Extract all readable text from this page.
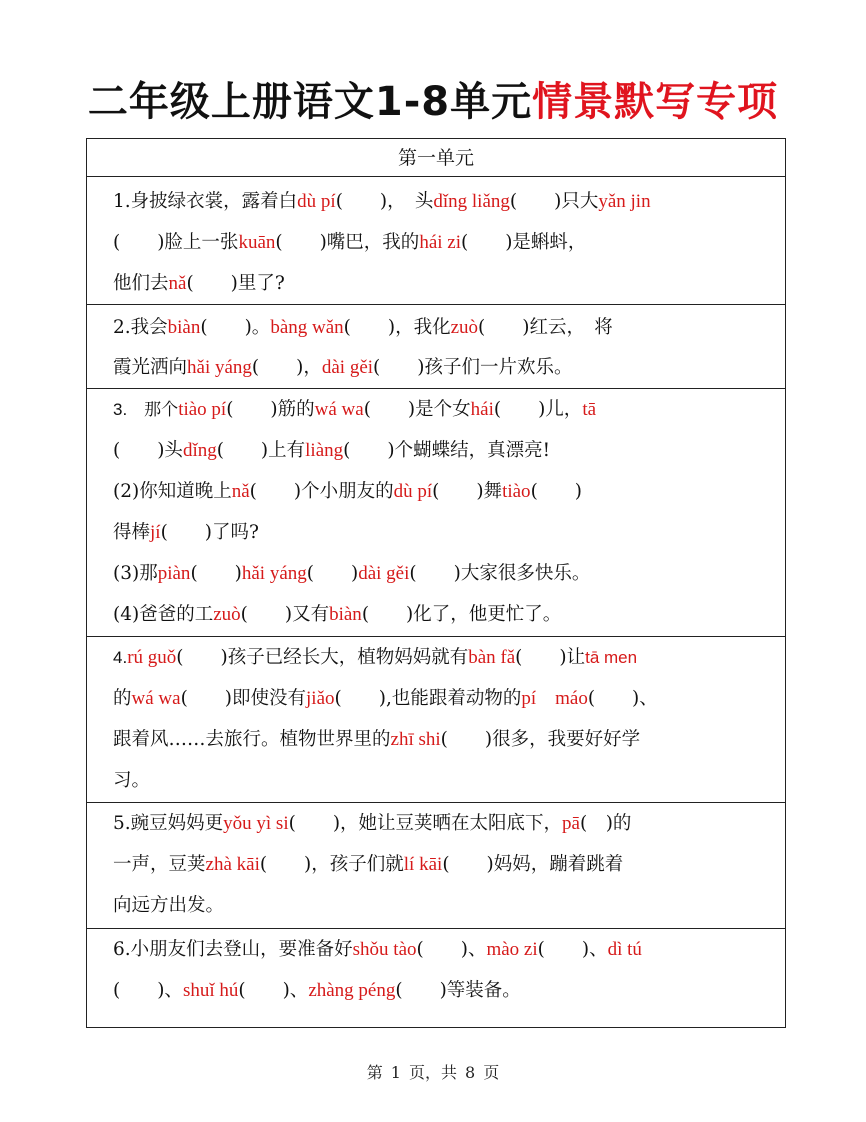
二年级上册语文1-8单元情景默写专项
第一单元
1.身披绿衣裳，露着白dù pí(　　)，　头dǐng liǎng(　　)只大yǎn jin
(　　)脸上一张kuān(　　)嘴巴，我的hái zi(　　)是蝌蚪，
他们去nǎ(　　)里了?
2.我会biàn(　　)。bàng wǎn(　　)，我化zuò(　　)红云，　将
霞光洒向hǎi yáng(　　)，dài gěi(　　)孩子们一片欢乐。
3.　那个tiào pí(　　)筋的wá wa(　　)是个女hái(　　)儿，tā
(　　)头dǐng(　　)上有liàng(　　)个蝴蝶结，真漂亮!
(2)你知道晚上nǎ(　　)个小朋友的dù pí(　　)舞tiào(　　)
得棒jí(　　)了吗?
(3)那piàn(　　)hǎi yáng(　　)dài gěi(　　)大家很多快乐。
(4)爸爸的工zuò(　　)又有biàn(　　)化了，他更忙了。
4.rú guǒ(　　)孩子已经长大，植物妈妈就有bàn fǎ(　　)让tā men
的wá wa(　　)即使没有jiǎo(　　),也能跟着动物的pí　máo(　　)、
跟着风……去旅行。植物世界里的zhī shi(　　)很多，我要好好学
习。
5.豌豆妈妈更yǒu yì si(　　)，她让豆荚晒在太阳底下，pā(　)的
一声，豆荚zhà kāi(　　)，孩子们就lí kāi(　　)妈妈，蹦着跳着
向远方出发。
6.小朋友们去登山，要准备好shǒu tào(　　)、mào zi(　　)、dì tú
(　　)、shuǐ hú(　　)、zhàng péng(　　)等装备。
第 1 页，共 8 页
